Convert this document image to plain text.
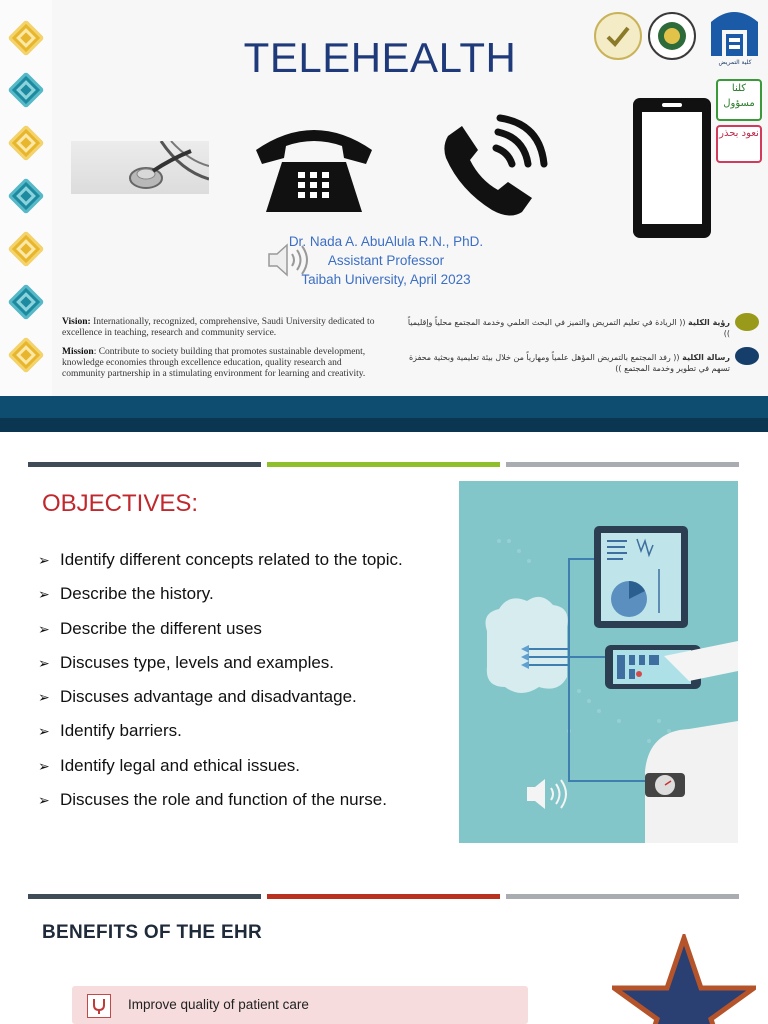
TELEHEALTH	كلية التمريض
كلنا مسؤول
نعود بحذر
Dr. Nada A. AbuAlula R.N., PhD.
Assistant Professor
Taibah University, April 2023
Vision: Internationally, recognized, comprehensive, Saudi University dedicated to excellence in teaching, research and community service.
Mission: Contribute to society building that promotes sustainable development, knowledge economies through excellence education, quality research and community partnership in a stimulating environment for learning and creativity.
رؤية الكلية (( الريادة في تعليم التمريض والتميز في البحث العلمي وخدمة المجتمع محلياً وإقليمياً ))
رسالة الكلية (( رفد المجتمع بالتمريض المؤهل علمياً ومهارياً من خلال بيئة تعليمية وبحثية محفزة تسهم في تطوير وخدمة المجتمع ))
OBJECTIVES:
➢ Identify different concepts related to the topic.
➢ Describe the history.
➢ Describe the different uses
➢ Discuses type, levels and examples.
➢ Discuses advantage and disadvantage.
➢ Identify barriers.
➢ Identify legal and ethical issues.
➢ Discuses the role and function of the nurse.
BENEFITS OF THE EHR
Improve quality of patient care
